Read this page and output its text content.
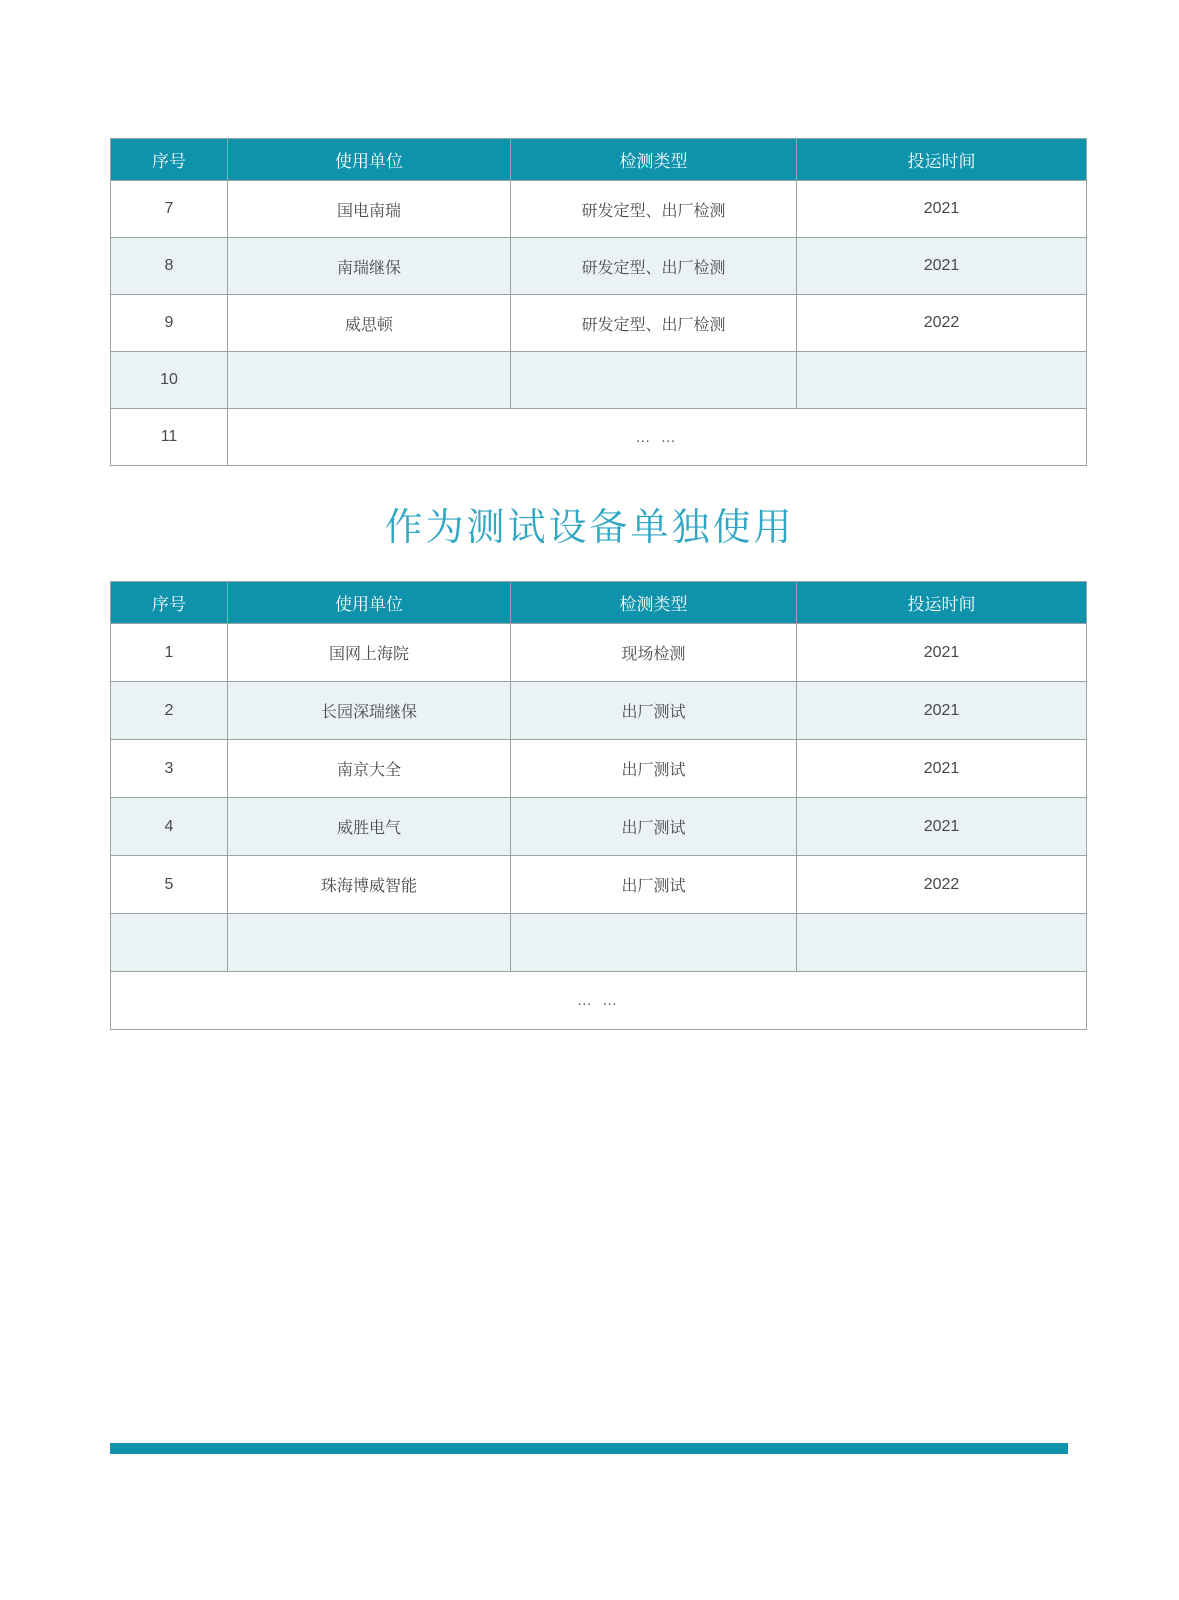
序号	使用单位	检测类型	投运时间
7	国电南瑞	研发定型、出厂检测	2021
8	南瑞继保	研发定型、出厂检测	2021
9	威思顿	研发定型、出厂检测	2022
10			
11	… …		
作为测试设备单独使用
序号	使用单位	检测类型	投运时间
1	国网上海院	现场检测	2021
2	长园深瑞继保	出厂测试	2021
3	南京大全	出厂测试	2021
4	威胜电气	出厂测试	2021
5	珠海博威智能	出厂测试	2022

… …			
